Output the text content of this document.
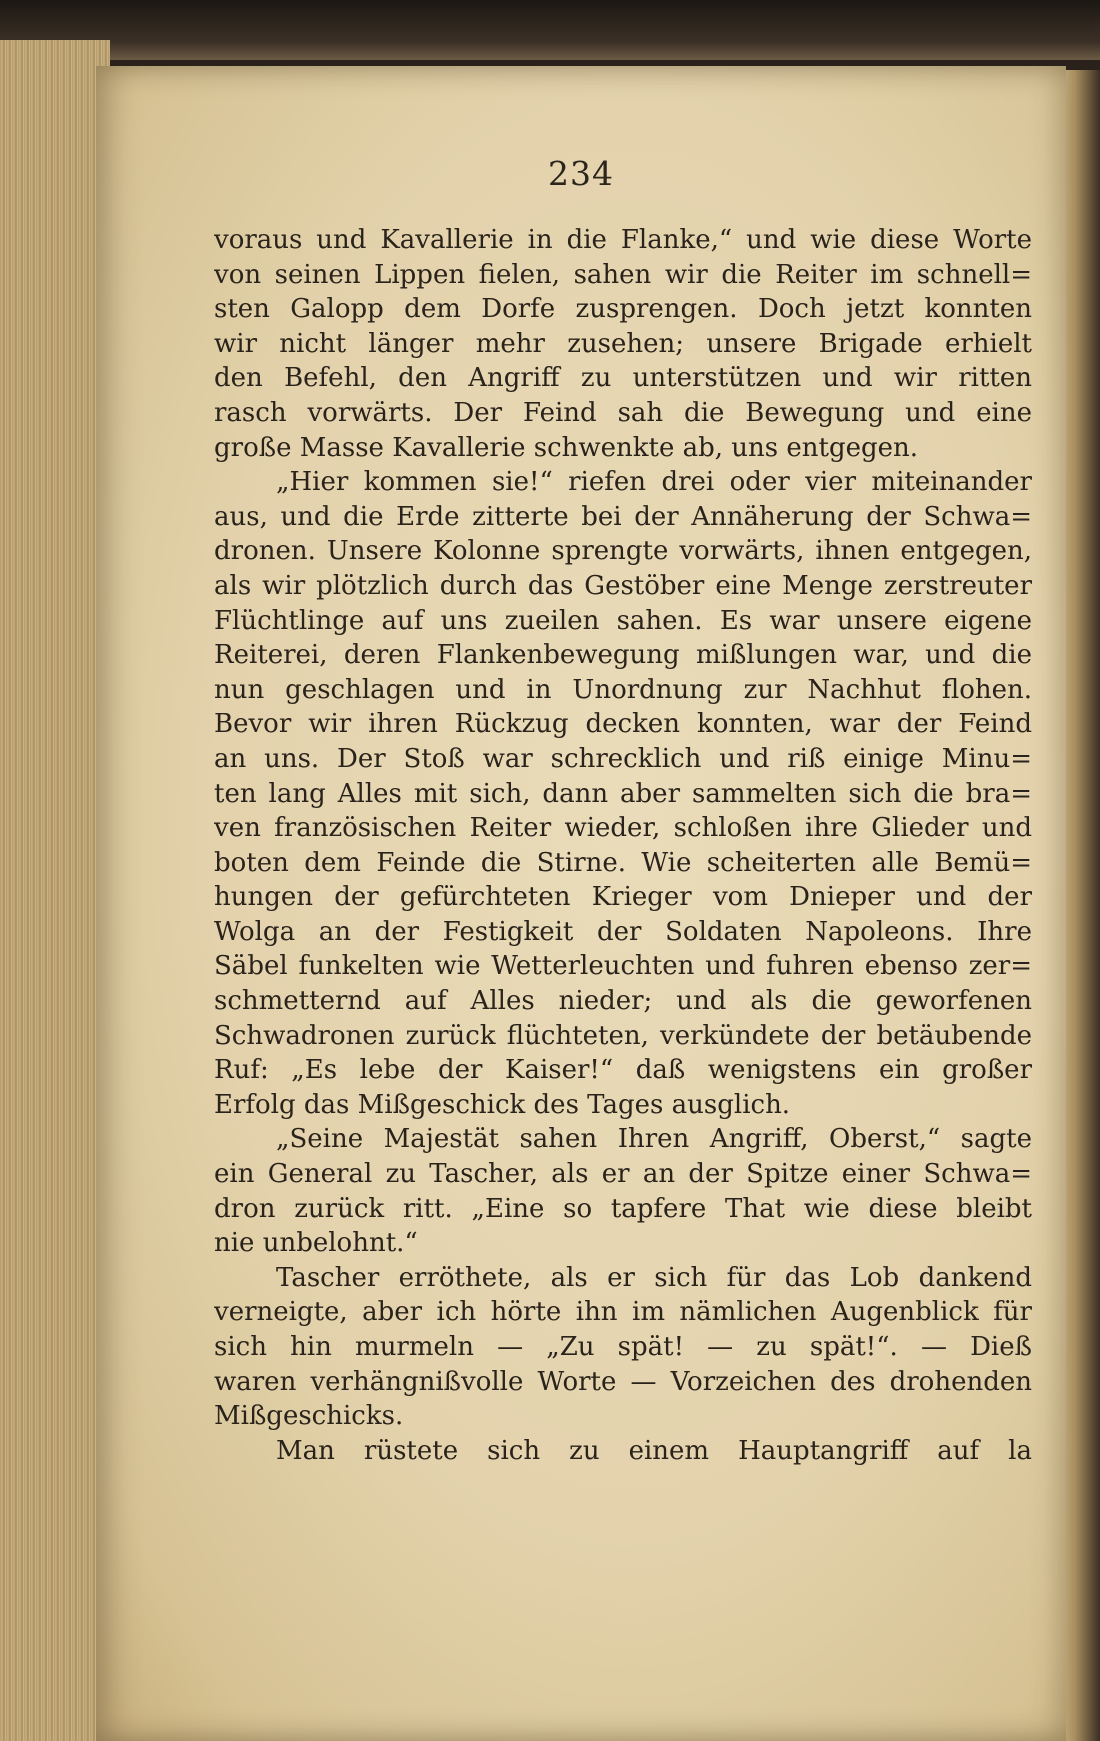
234
voraus und Kavallerie in die Flanke,“ und wie diese Worte
von seinen Lippen fielen, sahen wir die Reiter im schnell=
sten Galopp dem Dorfe zusprengen. Doch jetzt konnten
wir nicht länger mehr zusehen; unsere Brigade erhielt
den Befehl, den Angriff zu unterstützen und wir ritten
rasch vorwärts. Der Feind sah die Bewegung und eine
große Masse Kavallerie schwenkte ab, uns entgegen.
„Hier kommen sie!“ riefen drei oder vier miteinander
aus, und die Erde zitterte bei der Annäherung der Schwa=
dronen. Unsere Kolonne sprengte vorwärts, ihnen entgegen,
als wir plötzlich durch das Gestöber eine Menge zerstreuter
Flüchtlinge auf uns zueilen sahen. Es war unsere eigene
Reiterei, deren Flankenbewegung mißlungen war, und die
nun geschlagen und in Unordnung zur Nachhut flohen.
Bevor wir ihren Rückzug decken konnten, war der Feind
an uns. Der Stoß war schrecklich und riß einige Minu=
ten lang Alles mit sich, dann aber sammelten sich die bra=
ven französischen Reiter wieder, schloßen ihre Glieder und
boten dem Feinde die Stirne. Wie scheiterten alle Bemü=
hungen der gefürchteten Krieger vom Dnieper und der
Wolga an der Festigkeit der Soldaten Napoleons. Ihre
Säbel funkelten wie Wetterleuchten und fuhren ebenso zer=
schmetternd auf Alles nieder; und als die geworfenen
Schwadronen zurück flüchteten, verkündete der betäubende
Ruf: „Es lebe der Kaiser!“ daß wenigstens ein großer
Erfolg das Mißgeschick des Tages ausglich.
„Seine Majestät sahen Ihren Angriff, Oberst,“ sagte
ein General zu Tascher, als er an der Spitze einer Schwa=
dron zurück ritt. „Eine so tapfere That wie diese bleibt
nie unbelohnt.“
Tascher erröthete, als er sich für das Lob dankend
verneigte, aber ich hörte ihn im nämlichen Augenblick für
sich hin murmeln — „Zu spät! — zu spät!“. — Dieß
waren verhängnißvolle Worte — Vorzeichen des drohenden
Mißgeschicks.
Man rüstete sich zu einem Hauptangriff auf la
